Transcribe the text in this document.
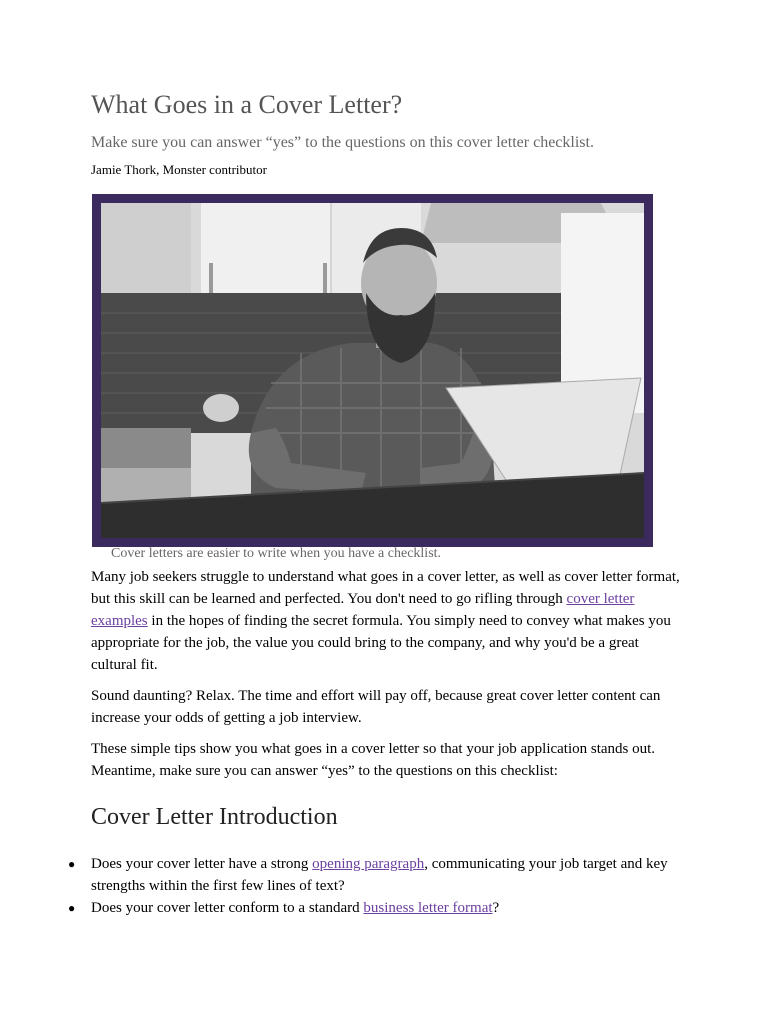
What Goes in a Cover Letter?

Make sure you can answer “yes” to the questions on this cover letter checklist.

Jamie Thork, Monster contributor

Cover letters are easier to write when you have a checklist.

Many job seekers struggle to understand what goes in a cover letter, as well as cover letter format, but this skill can be learned and perfected. You don't need to go rifling through cover letter examples in the hopes of finding the secret formula. You simply need to convey what makes you appropriate for the job, the value you could bring to the company, and why you'd be a great cultural fit.

Sound daunting? Relax. The time and effort will pay off, because great cover letter content can increase your odds of getting a job interview.

These simple tips show you what goes in a cover letter so that your job application stands out. Meantime, make sure you can answer “yes” to the questions on this checklist:

Cover Letter Introduction
● Does your cover letter have a strong opening paragraph, communicating your job target and key strengths within the first few lines of text?
● Does your cover letter conform to a standard business letter format?
